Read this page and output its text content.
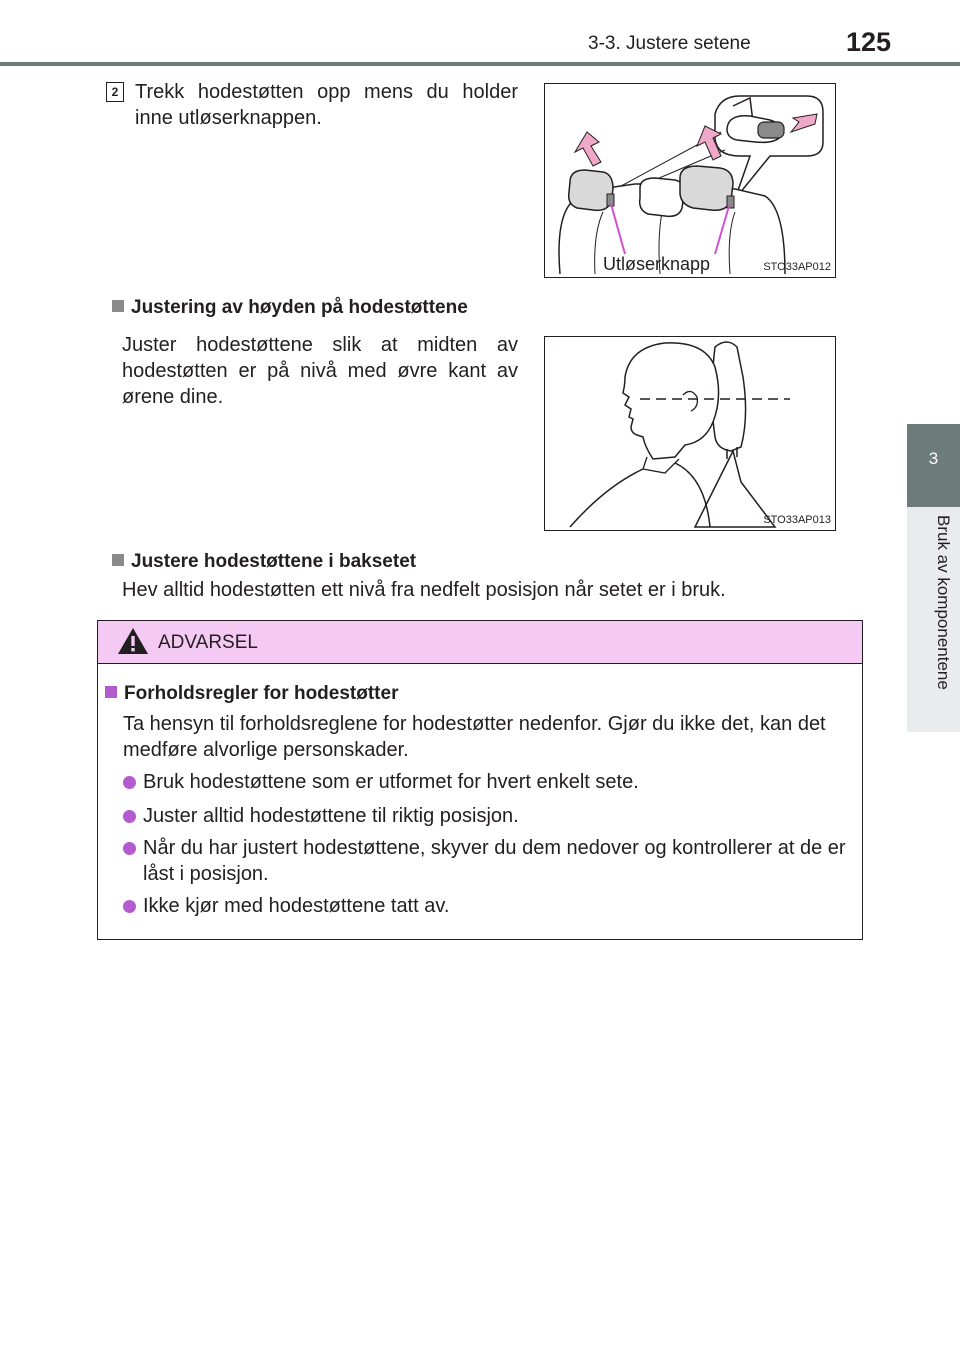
3-3. Justere setene	125
3
Bruk av komponentene
2 Trekk hodestøtten opp mens du holder inne utløserknappen.
Utløserknapp	STO33AP012
Justering av høyden på hodestøttene
Juster hodestøttene slik at midten av hodestøtten er på nivå med øvre kant av ørene dine.
STO33AP013
Justere hodestøttene i baksetet
Hev alltid hodestøtten ett nivå fra nedfelt posisjon når setet er i bruk.
ADVARSEL
Forholdsregler for hodestøtter
Ta hensyn til forholdsreglene for hodestøtter nedenfor. Gjør du ikke det, kan det medføre alvorlige personskader.
Bruk hodestøttene som er utformet for hvert enkelt sete.
Juster alltid hodestøttene til riktig posisjon.
Når du har justert hodestøttene, skyver du dem nedover og kontrollerer at de er låst i posisjon.
Ikke kjør med hodestøttene tatt av.
